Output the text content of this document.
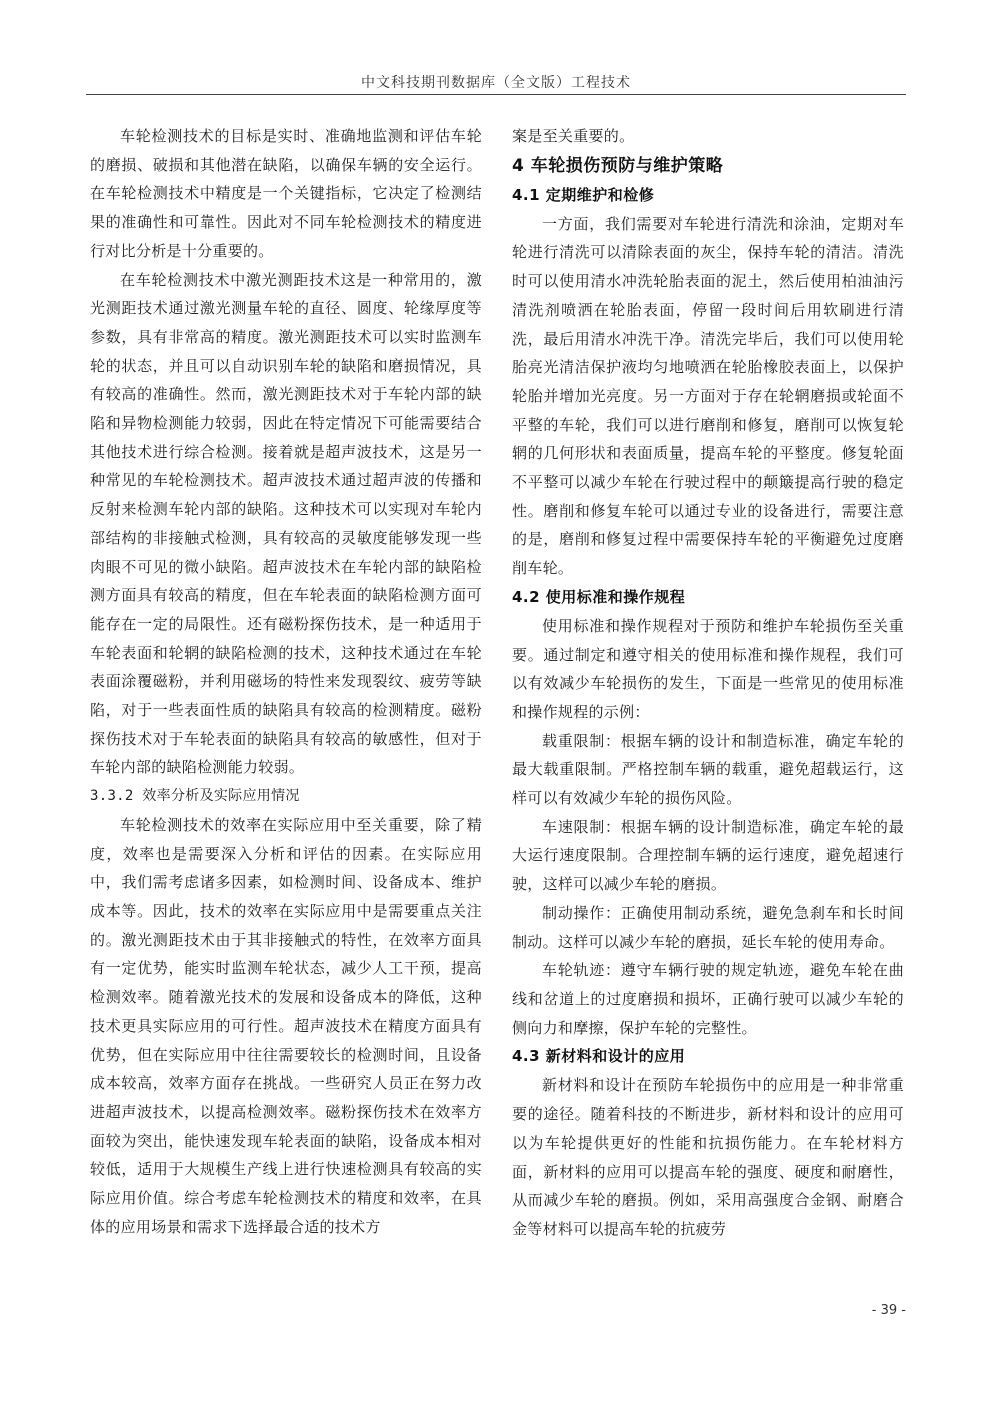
中文科技期刊数据库（全文版）工程技术

车轮检测技术的目标是实时、准确地监测和评估车轮的磨损、破损和其他潜在缺陷，以确保车辆的安全运行。在车轮检测技术中精度是一个关键指标，它决定了检测结果的准确性和可靠性。因此对不同车轮检测技术的精度进行对比分析是十分重要的。

在车轮检测技术中激光测距技术这是一种常用的，激光测距技术通过激光测量车轮的直径、圆度、轮缘厚度等参数，具有非常高的精度。激光测距技术可以实时监测车轮的状态，并且可以自动识别车轮的缺陷和磨损情况，具有较高的准确性。然而，激光测距技术对于车轮内部的缺陷和异物检测能力较弱，因此在特定情况下可能需要结合其他技术进行综合检测。接着就是超声波技术，这是另一种常见的车轮检测技术。超声波技术通过超声波的传播和反射来检测车轮内部的缺陷。这种技术可以实现对车轮内部结构的非接触式检测，具有较高的灵敏度能够发现一些肉眼不可见的微小缺陷。超声波技术在车轮内部的缺陷检测方面具有较高的精度，但在车轮表面的缺陷检测方面可能存在一定的局限性。还有磁粉探伤技术，是一种适用于车轮表面和轮辋的缺陷检测的技术，这种技术通过在车轮表面涂覆磁粉，并利用磁场的特性来发现裂纹、疲劳等缺陷，对于一些表面性质的缺陷具有较高的检测精度。磁粉探伤技术对于车轮表面的缺陷具有较高的敏感性，但对于车轮内部的缺陷检测能力较弱。

3.3.2 效率分析及实际应用情况

车轮检测技术的效率在实际应用中至关重要，除了精度，效率也是需要深入分析和评估的因素。在实际应用中，我们需考虑诸多因素，如检测时间、设备成本、维护成本等。因此，技术的效率在实际应用中是需要重点关注的。激光测距技术由于其非接触式的特性，在效率方面具有一定优势，能实时监测车轮状态，减少人工干预，提高检测效率。随着激光技术的发展和设备成本的降低，这种技术更具实际应用的可行性。超声波技术在精度方面具有优势，但在实际应用中往往需要较长的检测时间，且设备成本较高，效率方面存在挑战。一些研究人员正在努力改进超声波技术，以提高检测效率。磁粉探伤技术在效率方面较为突出，能快速发现车轮表面的缺陷，设备成本相对较低，适用于大规模生产线上进行快速检测具有较高的实际应用价值。综合考虑车轮检测技术的精度和效率，在具体的应用场景和需求下选择最合适的技术方

案是至关重要的。

4 车轮损伤预防与维护策略
4.1 定期维护和检修

一方面，我们需要对车轮进行清洗和涂油，定期对车轮进行清洗可以清除表面的灰尘，保持车轮的清洁。清洗时可以使用清水冲洗轮胎表面的泥土，然后使用柏油油污清洗剂喷洒在轮胎表面，停留一段时间后用软刷进行清洗，最后用清水冲洗干净。清洗完毕后，我们可以使用轮胎亮光清洁保护液均匀地喷洒在轮胎橡胶表面上，以保护轮胎并增加光亮度。另一方面对于存在轮辋磨损或轮面不平整的车轮，我们可以进行磨削和修复，磨削可以恢复轮辋的几何形状和表面质量，提高车轮的平整度。修复轮面不平整可以减少车轮在行驶过程中的颠簸提高行驶的稳定性。磨削和修复车轮可以通过专业的设备进行，需要注意的是，磨削和修复过程中需要保持车轮的平衡避免过度磨削车轮。

4.2 使用标准和操作规程

使用标准和操作规程对于预防和维护车轮损伤至关重要。通过制定和遵守相关的使用标准和操作规程，我们可以有效减少车轮损伤的发生，下面是一些常见的使用标准和操作规程的示例：

载重限制：根据车辆的设计和制造标准，确定车轮的最大载重限制。严格控制车辆的载重，避免超载运行，这样可以有效减少车轮的损伤风险。

车速限制：根据车辆的设计制造标准，确定车轮的最大运行速度限制。合理控制车辆的运行速度，避免超速行驶，这样可以减少车轮的磨损。

制动操作：正确使用制动系统，避免急刹车和长时间制动。这样可以减少车轮的磨损，延长车轮的使用寿命。

车轮轨迹：遵守车辆行驶的规定轨迹，避免车轮在曲线和岔道上的过度磨损和损坏，正确行驶可以减少车轮的侧向力和摩擦，保护车轮的完整性。

4.3 新材料和设计的应用

新材料和设计在预防车轮损伤中的应用是一种非常重要的途径。随着科技的不断进步，新材料和设计的应用可以为车轮提供更好的性能和抗损伤能力。在车轮材料方面，新材料的应用可以提高车轮的强度、硬度和耐磨性，从而减少车轮的磨损。例如，采用高强度合金钢、耐磨合金等材料可以提高车轮的抗疲劳

- 39 -
